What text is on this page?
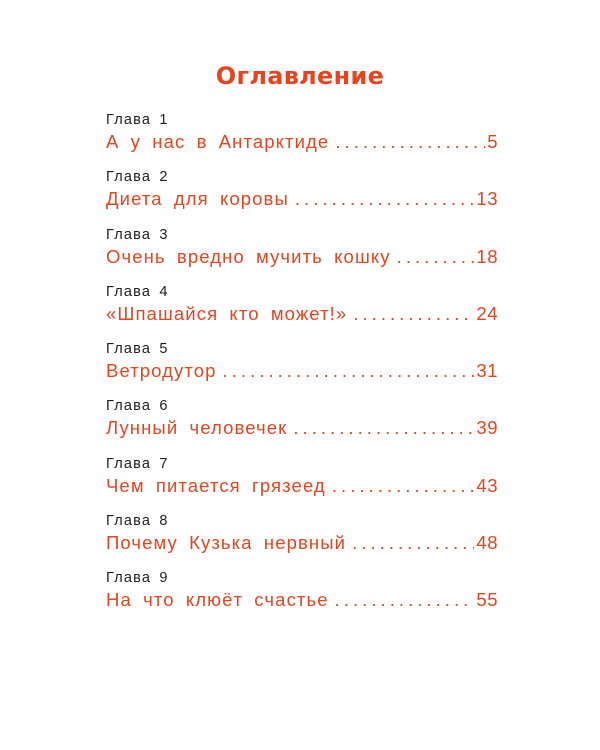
Оглавление
Глава 1
А у нас в Антарктиде . . .	5
Глава 2
Диета для коровы . . .	13
Глава 3
Очень вредно мучить кошку . . .	18
Глава 4
«Шпашайся кто может!» . . .	24
Глава 5
Ветродутор . . .	31
Глава 6
Лунный человечек . . .	39
Глава 7
Чем питается грязеед . . .	43
Глава 8
Почему Кузька нервный . . .	48
Глава 9
На что клюёт счастье . . .	55
